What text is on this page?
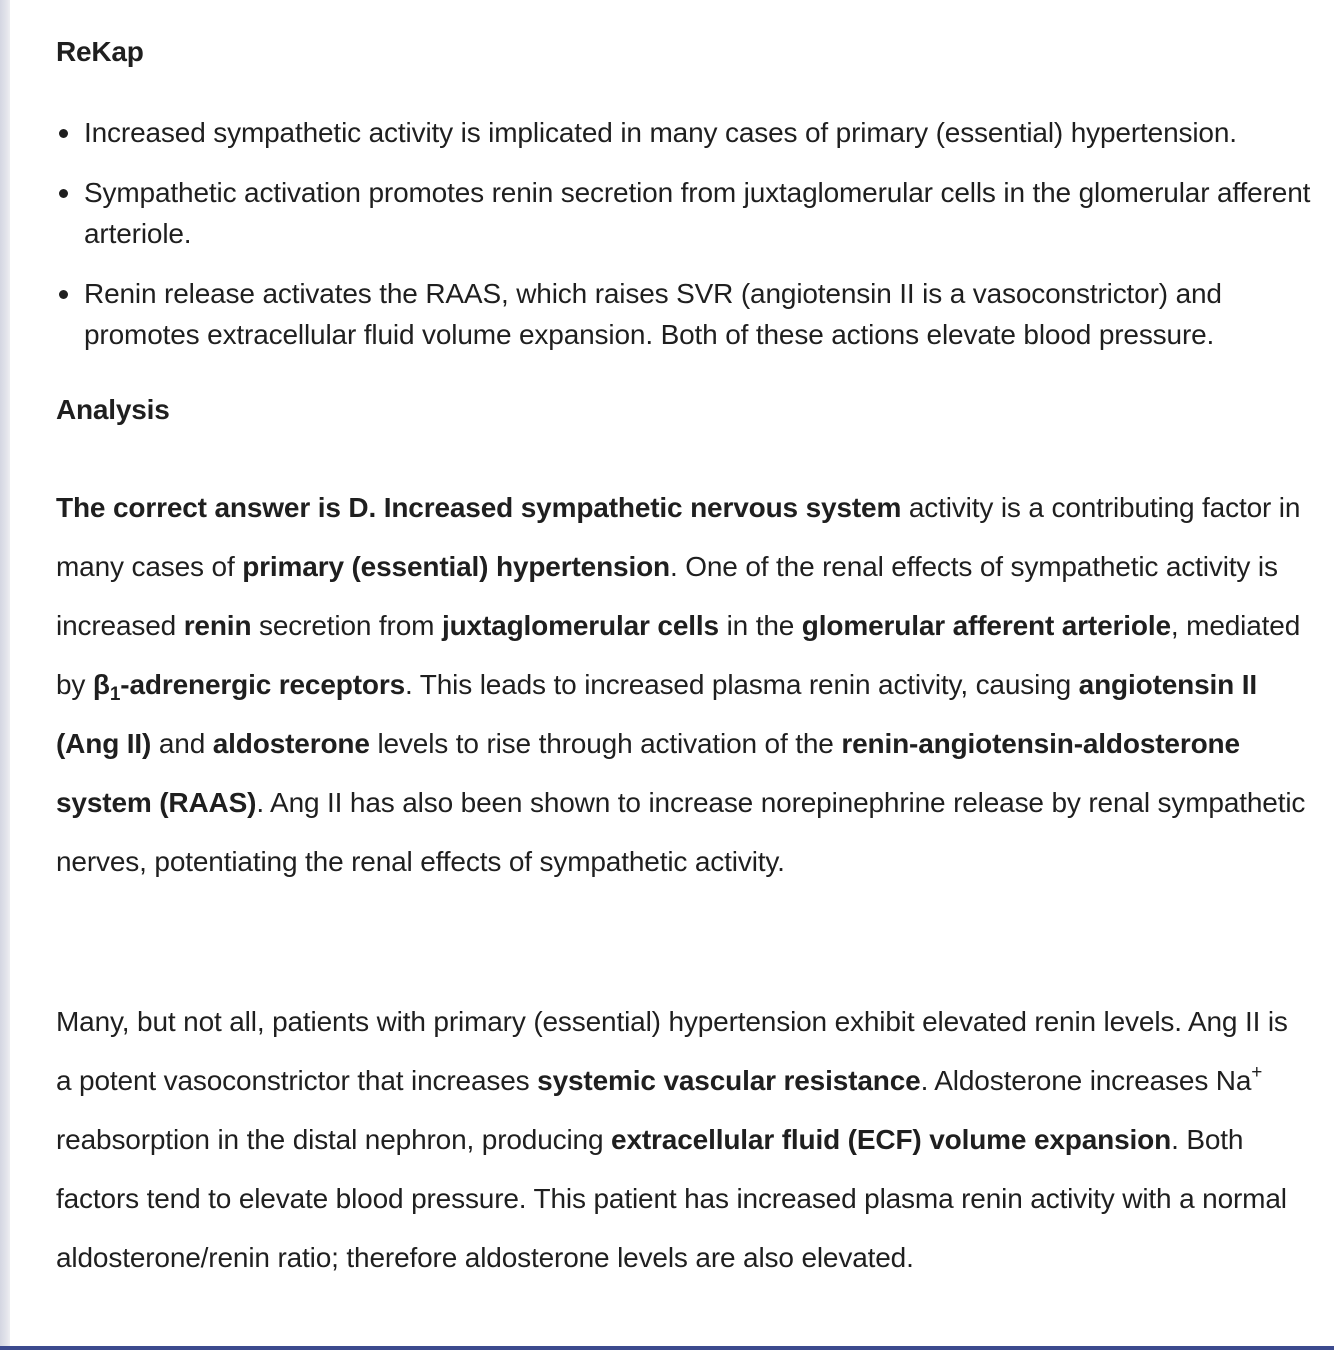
ReKap
Increased sympathetic activity is implicated in many cases of primary (essential) hypertension.
Sympathetic activation promotes renin secretion from juxtaglomerular cells in the glomerular afferent arteriole.
Renin release activates the RAAS, which raises SVR (angiotensin II is a vasoconstrictor) and promotes extracellular fluid volume expansion. Both of these actions elevate blood pressure.
Analysis

The correct answer is D. Increased sympathetic nervous system activity is a contributing factor in many cases of primary (essential) hypertension. One of the renal effects of sympathetic activity is increased renin secretion from juxtaglomerular cells in the glomerular afferent arteriole, mediated by $\beta_1$-adrenergic receptors. This leads to increased plasma renin activity, causing angiotensin II (Ang II) and aldosterone levels to rise through activation of the renin-angiotensin-aldosterone system (RAAS). Ang II has also been shown to increase norepinephrine release by renal sympathetic nerves, potentiating the renal effects of sympathetic activity.

Many, but not all, patients with primary (essential) hypertension exhibit elevated renin levels. Ang II is a potent vasoconstrictor that increases systemic vascular resistance. Aldosterone increases Na+ reabsorption in the distal nephron, producing extracellular fluid (ECF) volume expansion. Both factors tend to elevate blood pressure. This patient has increased plasma renin activity with a normal aldosterone/renin ratio; therefore aldosterone levels are also elevated.
